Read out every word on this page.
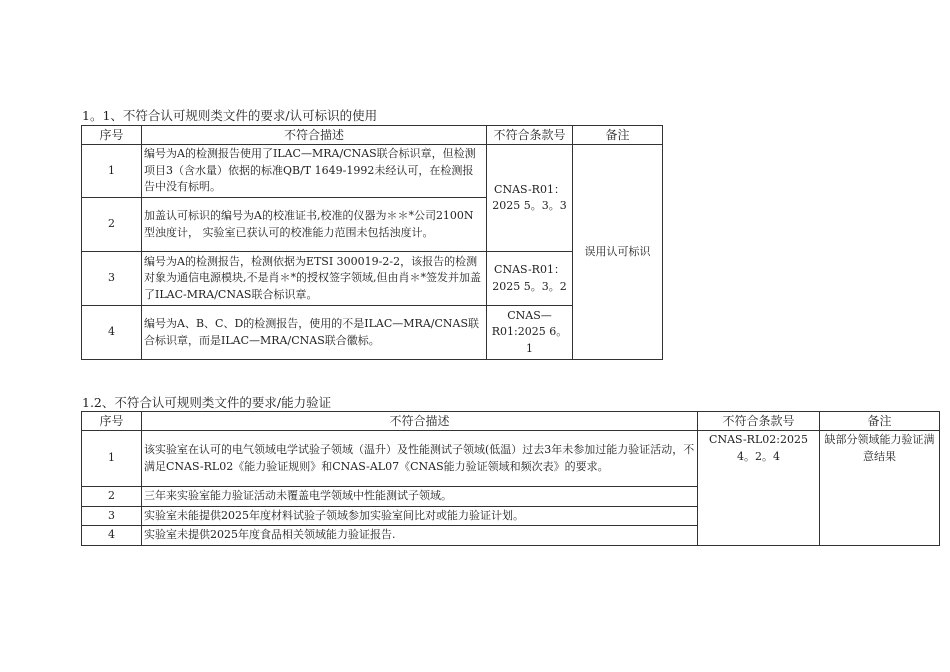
1。1、不符合认可规则类文件的要求/认可标识的使用
序号	不符合描述	不符合条款号	备注
1	编号为A的检测报告使用了ILAC—MRA/CNAS联合标识章，但检测项目3（含水量）依据的标准QB/T 1649-1992未经认可，在检测报告中没有标明。	CNAS-R01：2025 5。3。3	误用认可标识
2	加盖认可标识的编号为A的校准证书,校准的仪器为＊＊*公司2100N型浊度计， 实验室已获认可的校准能力范围未包括浊度计。		
3	编号为A的检测报告，检测依据为ETSI 300019-2-2，该报告的检测对象为通信电源模块,不是肖＊*的授权签字领域,但由肖＊*签发并加盖了ILAC-MRA/CNAS联合标识章。	CNAS-R01：2025 5。3。2	
4	编号为A、B、C、D的检测报告，使用的不是ILAC—MRA/CNAS联合标识章，而是ILAC—MRA/CNAS联合徽标。	CNAS—R01:2025 6。1	
1.2、不符合认可规则类文件的要求/能力验证
序号	不符合描述	不符合条款号	备注
1	该实验室在认可的电气领域电学试验子领域（温升）及性能测试子领域(低温）过去3年未参加过能力验证活动，不满足CNAS-RL02《能力验证规则》和CNAS-AL07《CNAS能力验证领域和频次表》的要求。	CNAS-RL02:2025 4。2。4	缺部分领域能力验证满意结果
2	三年来实验室能力验证活动未覆盖电学领域中性能测试子领域。		
3	实验室未能提供2025年度材料试验子领域参加实验室间比对或能力验证计划。		
4	实验室未提供2025年度食品相关领域能力验证报告.		
